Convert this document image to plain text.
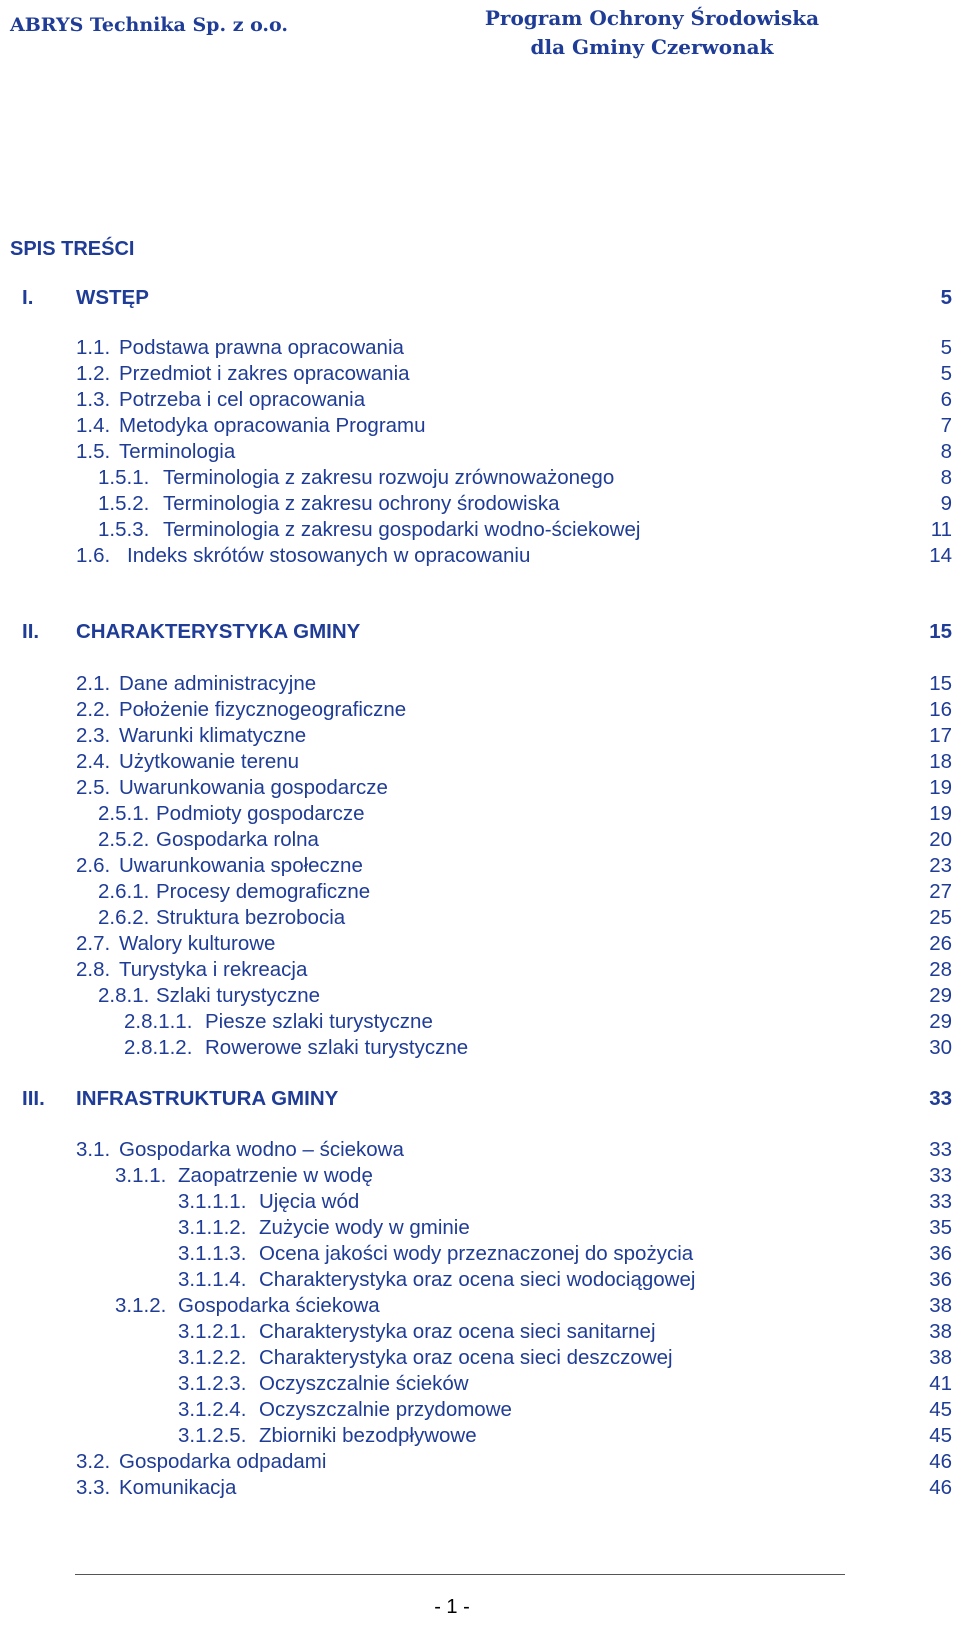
ABRYS Technika Sp. z o.o.	Program Ochrony Środowiska
dla Gminy Czerwonak
SPIS TREŚCI
I. WSTĘP	5
1.1. Podstawa prawna opracowania	5
1.2. Przedmiot i zakres opracowania	5
1.3. Potrzeba i cel opracowania	6
1.4. Metodyka opracowania Programu	7
1.5. Terminologia	8
1.5.1. Terminologia z zakresu rozwoju zrównoważonego	8
1.5.2. Terminologia z zakresu ochrony środowiska	9
1.5.3. Terminologia z zakresu gospodarki wodno-ściekowej	11
1.6. Indeks skrótów stosowanych w opracowaniu	14
II. CHARAKTERYSTYKA GMINY	15
2.1. Dane administracyjne	15
2.2. Położenie fizycznogeograficzne	16
2.3. Warunki klimatyczne	17
2.4. Użytkowanie terenu	18
2.5. Uwarunkowania gospodarcze	19
2.5.1. Podmioty gospodarcze	19
2.5.2. Gospodarka rolna	20
2.6. Uwarunkowania społeczne	23
2.6.1. Procesy demograficzne	27
2.6.2. Struktura bezrobocia	25
2.7. Walory kulturowe	26
2.8. Turystyka i rekreacja	28
2.8.1. Szlaki turystyczne	29
2.8.1.1. Piesze szlaki turystyczne	29
2.8.1.2. Rowerowe szlaki turystyczne	30
III. INFRASTRUKTURA GMINY	33
3.1. Gospodarka wodno – ściekowa	33
3.1.1. Zaopatrzenie w wodę	33
3.1.1.1. Ujęcia wód	33
3.1.1.2. Zużycie wody w gminie	35
3.1.1.3. Ocena jakości wody przeznaczonej do spożycia	36
3.1.1.4. Charakterystyka oraz ocena sieci wodociągowej	36
3.1.2. Gospodarka ściekowa	38
3.1.2.1. Charakterystyka oraz ocena sieci sanitarnej	38
3.1.2.2. Charakterystyka oraz ocena sieci deszczowej	38
3.1.2.3. Oczyszczalnie ścieków	41
3.1.2.4. Oczyszczalnie przydomowe	45
3.1.2.5. Zbiorniki bezodpływowe	45
3.2. Gospodarka odpadami	46
3.3. Komunikacja	46
- 1 -
